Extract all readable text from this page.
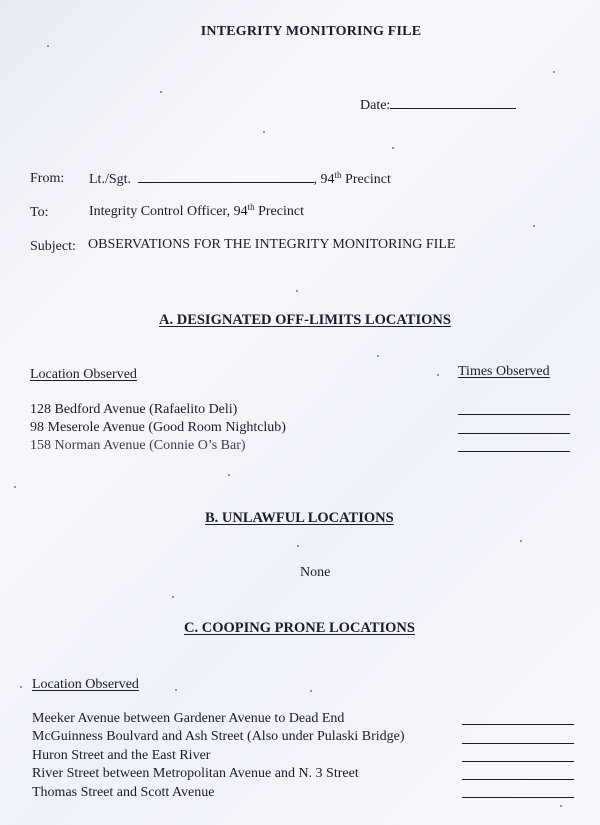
INTEGRITY MONITORING FILE
Date:
From: Lt./Sgt.	, 94th Precinct
To:	Integrity Control Officer, 94th Precinct
Subject: OBSERVATIONS FOR THE INTEGRITY MONITORING FILE
A. DESIGNATED OFF-LIMITS LOCATIONS
Location Observed	Times Observed
128 Bedford Avenue (Rafaelito Deli)
98 Meserole Avenue (Good Room Nightclub)
158 Norman Avenue (Connie O’s Bar)
B. UNLAWFUL LOCATIONS
None
C. COOPING PRONE LOCATIONS
Location Observed
Meeker Avenue between Gardener Avenue to Dead End
McGuinness Boulvard and Ash Street (Also under Pulaski Bridge)
Huron Street and the East River
River Street between Metropolitan Avenue and N. 3 Street
Thomas Street and Scott Avenue
